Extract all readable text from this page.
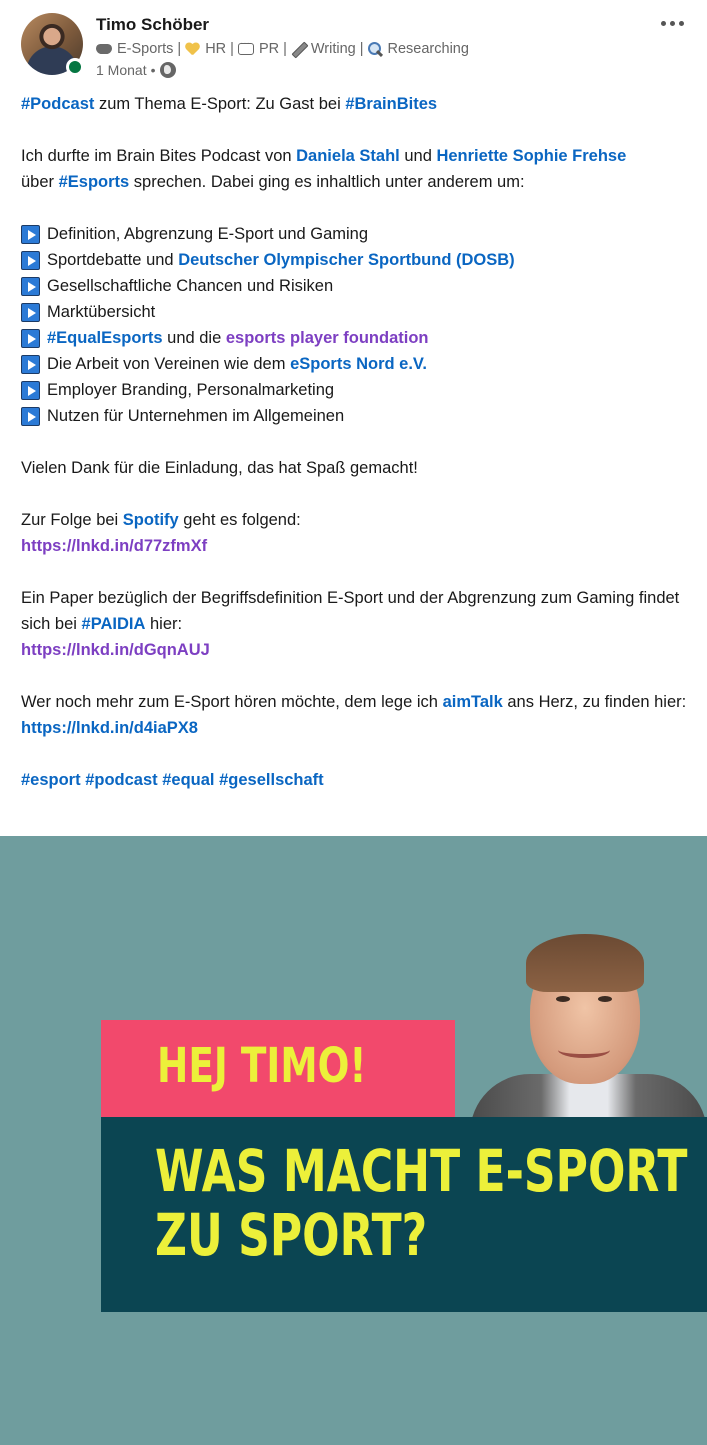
Timo Schöber
E-Sports | HR |
··· PR | Writing | Researching
1 Monat •

#Podcast zum Thema E-Sport: Zu Gast bei #BrainBites

Ich durfte im Brain Bites Podcast von Daniela Stahl und Henriette Sophie Frehse
über #Esports sprechen. Dabei ging es inhaltlich unter anderem um:

Definition, Abgrenzung E-Sport und Gaming
Sportdebatte und
Deutscher Olympischer Sportbund (DOSB)
Gesellschaftliche Chancen und Risiken
Marktübersicht
#EqualEsports
und die
esports player foundation
Die Arbeit von Vereinen wie dem
eSports Nord e.V.
Employer Branding, Personalmarketing
Nutzen für Unternehmen im Allgemeinen

Vielen Dank für die Einladung, das hat Spaß gemacht!

Zur Folge bei Spotify geht es folgend:
https://lnkd.in/d77zfmXf

Ein Paper bezüglich der Begriffsdefinition E-Sport und der Abgrenzung zum Gaming findet sich bei #PAIDIA hier:
https://lnkd.in/dGqnAUJ

Wer noch mehr zum E-Sport hören möchte, dem lege ich aimTalk ans Herz, zu finden hier:
https://lnkd.in/d4iaPX8

#esport #podcast #equal #gesellschaft

HEJ TIMO!
WAS MACHT E-SPORT
ZU SPORT?
